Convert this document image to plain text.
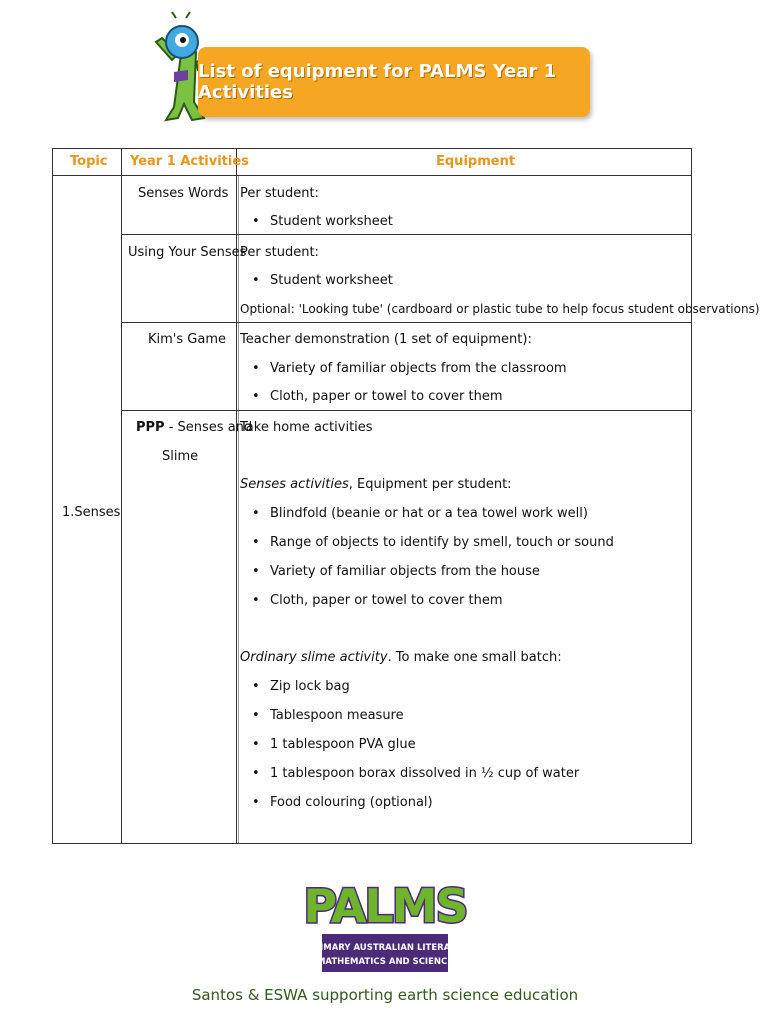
List of equipment for PALMS Year 1 Activities
Topic Year 1 Activities	Equipment
1.Senses
Senses Words Per student:
• Student worksheet
Using Your Senses
Per student:
• Student worksheet
Optional: 'Looking tube' (cardboard or plastic tube to help focus student observations)
Kim's Game Teacher demonstration (1 set of equipment):
• Variety of familiar objects from the classroom
• Cloth, paper or towel to cover them
PPP - Senses and
Slime
Take home activities
Senses activities, Equipment per student:
• Blindfold (beanie or hat or a tea towel work well)
• Range of objects to identify by smell, touch or sound
• Variety of familiar objects from the house
• Cloth, paper or towel to cover them
Ordinary slime activity. To make one small batch:
• Zip lock bag
• Tablespoon measure
• 1 tablespoon PVA glue
• 1 tablespoon borax dissolved in ½ cup of water
• Food colouring (optional)
PALMS
PRIMARY AUSTRALIAN LITERACY
MATHEMATICS AND SCIENCE
Santos & ESWA supporting earth science education
